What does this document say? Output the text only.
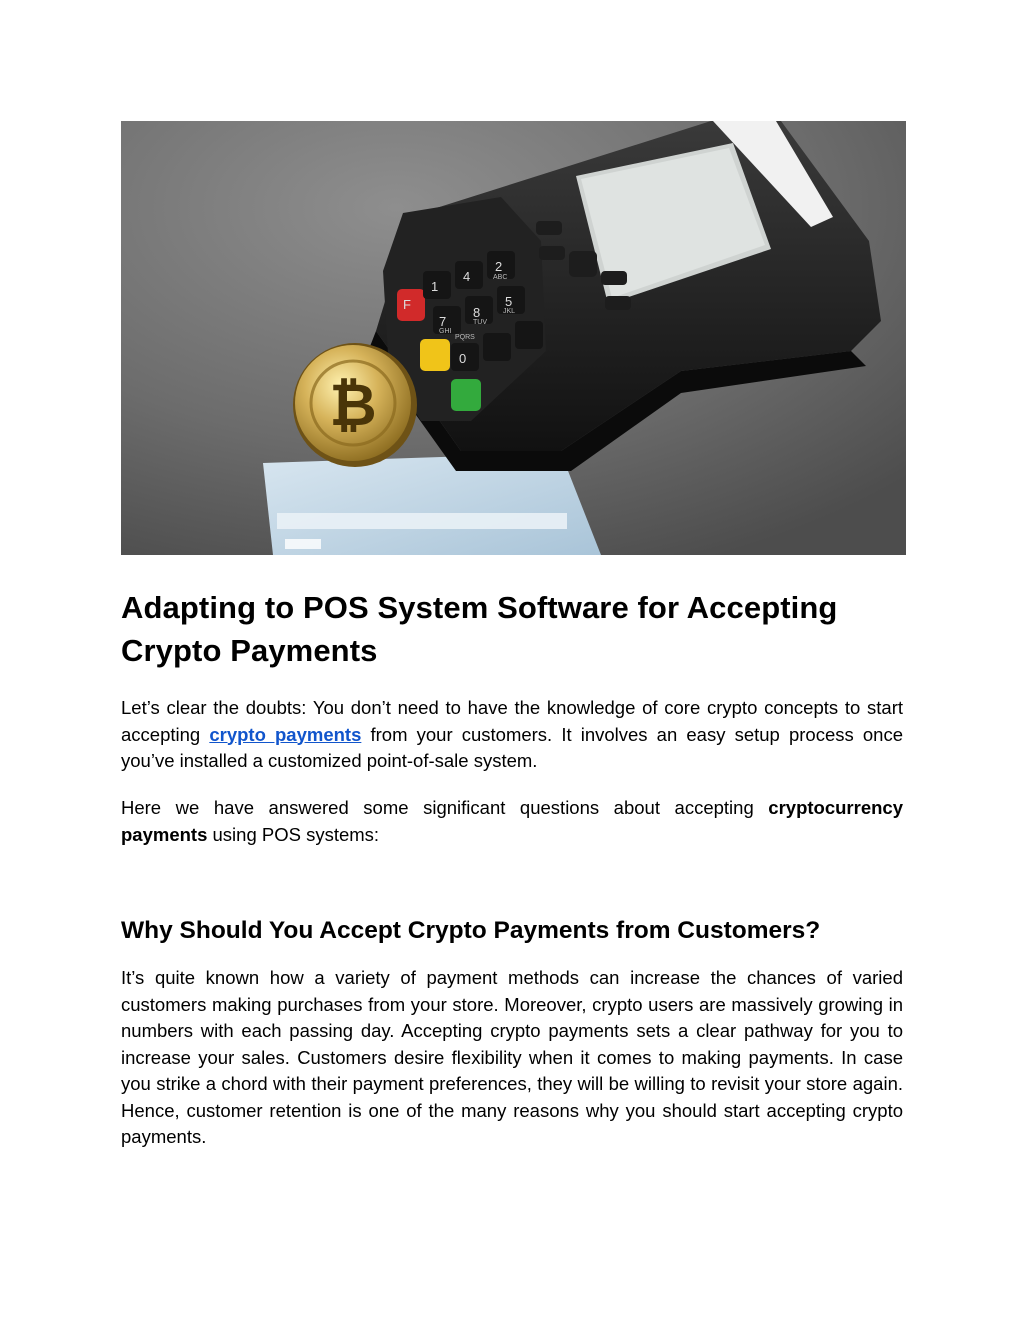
1
4
7
F
2
5
8
0
GHI
PQRS
ABC
JKL
TUV
₿
Adapting to POS System Software for Accepting Crypto Payments

Let’s clear the doubts: You don’t need to have the knowledge of core crypto concepts to start accepting crypto payments from your customers. It involves an easy setup process once you’ve installed a customized point-of-sale system.

Here we have answered some significant questions about accepting cryptocurrency payments using POS systems:

Why Should You Accept Crypto Payments from Customers?

It’s quite known how a variety of payment methods can increase the chances of varied customers making purchases from your store. Moreover, crypto users are massively growing in numbers with each passing day. Accepting crypto payments sets a clear pathway for you to increase your sales. Customers desire flexibility when it comes to making payments. In case you strike a chord with their payment preferences, they will be willing to revisit your store again. Hence, customer retention is one of the many reasons why you should start accepting crypto payments.
